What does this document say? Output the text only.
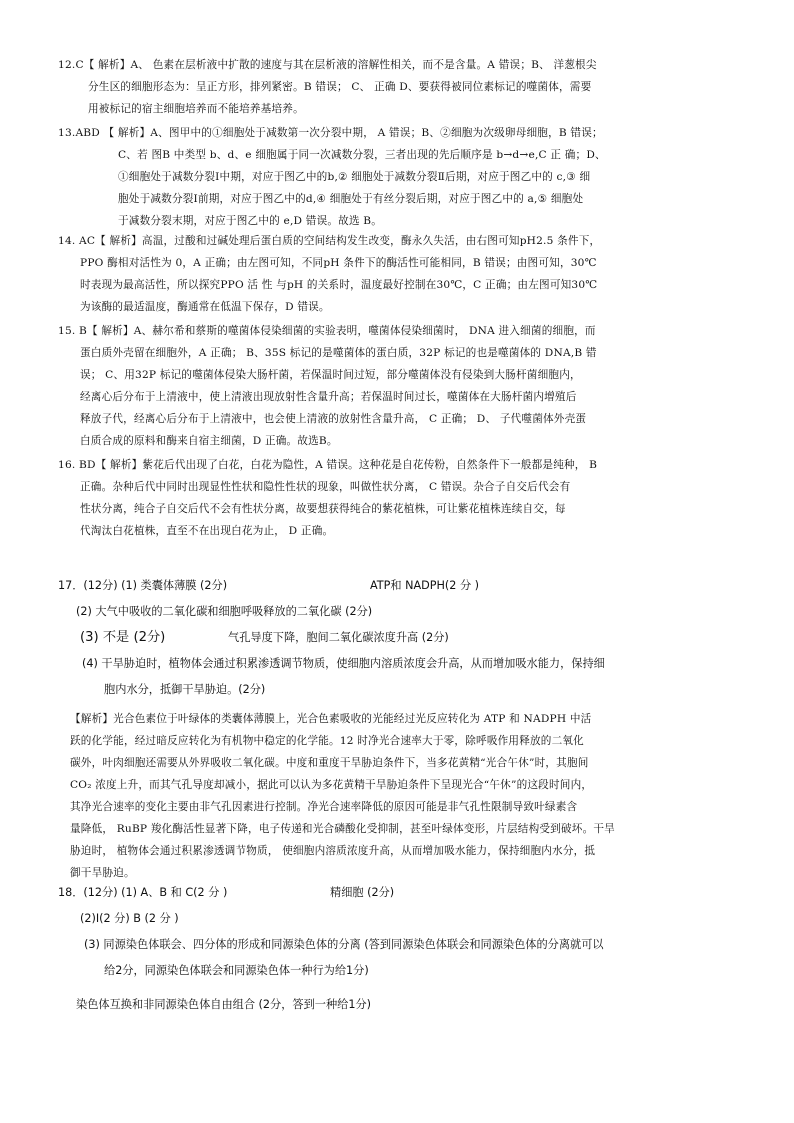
12.C【 解析】A、 色素在层析液中扩散的速度与其在层析液的溶解性相关，而不是含量。A 错误；B、 洋葱根尖
分生区的细胞形态为：呈正方形，排列紧密。B 错误； C、 正确 D、要获得被同位素标记的噬菌体，需要
用被标记的宿主细胞培养而不能培养基培养。
13.ABD 【 解析】A、图甲中的①细胞处于减数第一次分裂中期， A 错误；B、②细胞为次级卵母细胞，B 错误；
C、若 图B 中类型 b、d、e 细胞属于同一次减数分裂，三者出现的先后顺序是 b→d→e,C 正 确；D、
①细胞处于减数分裂Ⅰ中期，对应于图乙中的b,② 细胞处于减数分裂Ⅱ后期，对应于图乙中的 c,③ 细
胞处于减数分裂Ⅰ前期，对应于图乙中的d,④ 细胞处于有丝分裂后期，对应于图乙中的 a,⑤ 细胞处
于减数分裂末期，对应于图乙中的 e,D 错误。故选 B。
14. AC【 解析】高温，过酸和过碱处理后蛋白质的空间结构发生改变，酶永久失活，由右图可知pH2.5 条件下，
PPO 酶相对活性为 0，A 正确；由左图可知，不同pH 条件下的酶活性可能相同，B 错误；由图可知，30℃
时表现为最高活性，所以探究PPO 活 性 与pH 的关系时，温度最好控制在30℃，C 正确；由左图可知30℃
为该酶的最适温度，酶通常在低温下保存，D 错误。
15. B【 解析】A、赫尔希和蔡斯的噬菌体侵染细菌的实验表明，噬菌体侵染细菌时， DNA 进入细菌的细胞，而
蛋白质外壳留在细胞外，A 正确； B、35S 标记的是噬菌体的蛋白质，32P 标记的也是噬菌体的 DNA,B 错
误； C、用32P 标记的噬菌体侵染大肠杆菌，若保温时间过短，部分噬菌体没有侵染到大肠杆菌细胞内，
经离心后分布于上清液中，使上清液出现放射性含量升高；若保温时间过长，噬菌体在大肠杆菌内增殖后
释放子代，经离心后分布于上清液中，也会使上清液的放射性含量升高， C 正确； D、 子代噬菌体外壳蛋
白质合成的原料和酶来自宿主细菌，D 正确。故选B。
16. BD【 解析】紫花后代出现了白花，白花为隐性，A 错误。这种花是自花传粉，自然条件下一般都是纯种， B
正确。杂种后代中同时出现显性性状和隐性性状的现象，叫做性状分离， C 错误。杂合子自交后代会有
性状分离，纯合子自交后代不会有性状分离，故要想获得纯合的紫花植株，可让紫花植株连续自交，每
代淘汰白花植株，直至不在出现白花为止， D 正确。
17．(12分) (1) 类囊体薄膜 (2分)	ATP和 NADPH(2 分 )
(2) 大气中吸收的二氧化碳和细胞呼吸释放的二氧化碳 (2分)
(3) 不是 (2分)	气孔导度下降，胞间二氧化碳浓度升高 (2分)
(4) 干旱胁迫时，植物体会通过积累渗透调节物质，使细胞内溶质浓度会升高，从而增加吸水能力，保持细
胞内水分，抵御干旱胁迫。(2分)
【解析】光合色素位于叶绿体的类囊体薄膜上，光合色素吸收的光能经过光反应转化为 ATP 和 NADPH 中活
跃的化学能，经过暗反应转化为有机物中稳定的化学能。12 时净光合速率大于零，除呼吸作用释放的二氧化
碳外，叶肉细胞还需要从外界吸收二氧化碳。中度和重度干旱胁迫条件下，当多花黄精“光合午休”时，其胞间
CO₂ 浓度上升，而其气孔导度却减小，据此可以认为多花黄精干旱胁迫条件下呈现光合“午休”的这段时间内，
其净光合速率的变化主要由非气孔因素进行控制。净光合速率降低的原因可能是非气孔性限制导致叶绿素含
量降低， RuBP 羧化酶活性显著下降，电子传递和光合磷酸化受抑制，甚至叶绿体变形，片层结构受到破坏。干旱
胁迫时， 植物体会通过积累渗透调节物质， 使细胞内溶质浓度升高，从而增加吸水能力，保持细胞内水分，抵
御干旱胁迫。
18．(12分) (1) A、B 和 C(2 分 )	精细胞 (2分)
(2)Ⅰ(2 分) B (2 分 )
(3) 同源染色体联会、四分体的形成和同源染色体的分离 (答到同源染色体联会和同源染色体的分离就可以
给2分，同源染色体联会和同源染色体一种行为给1分)
染色体互换和非同源染色体自由组合 (2分，答到一种给1分)
